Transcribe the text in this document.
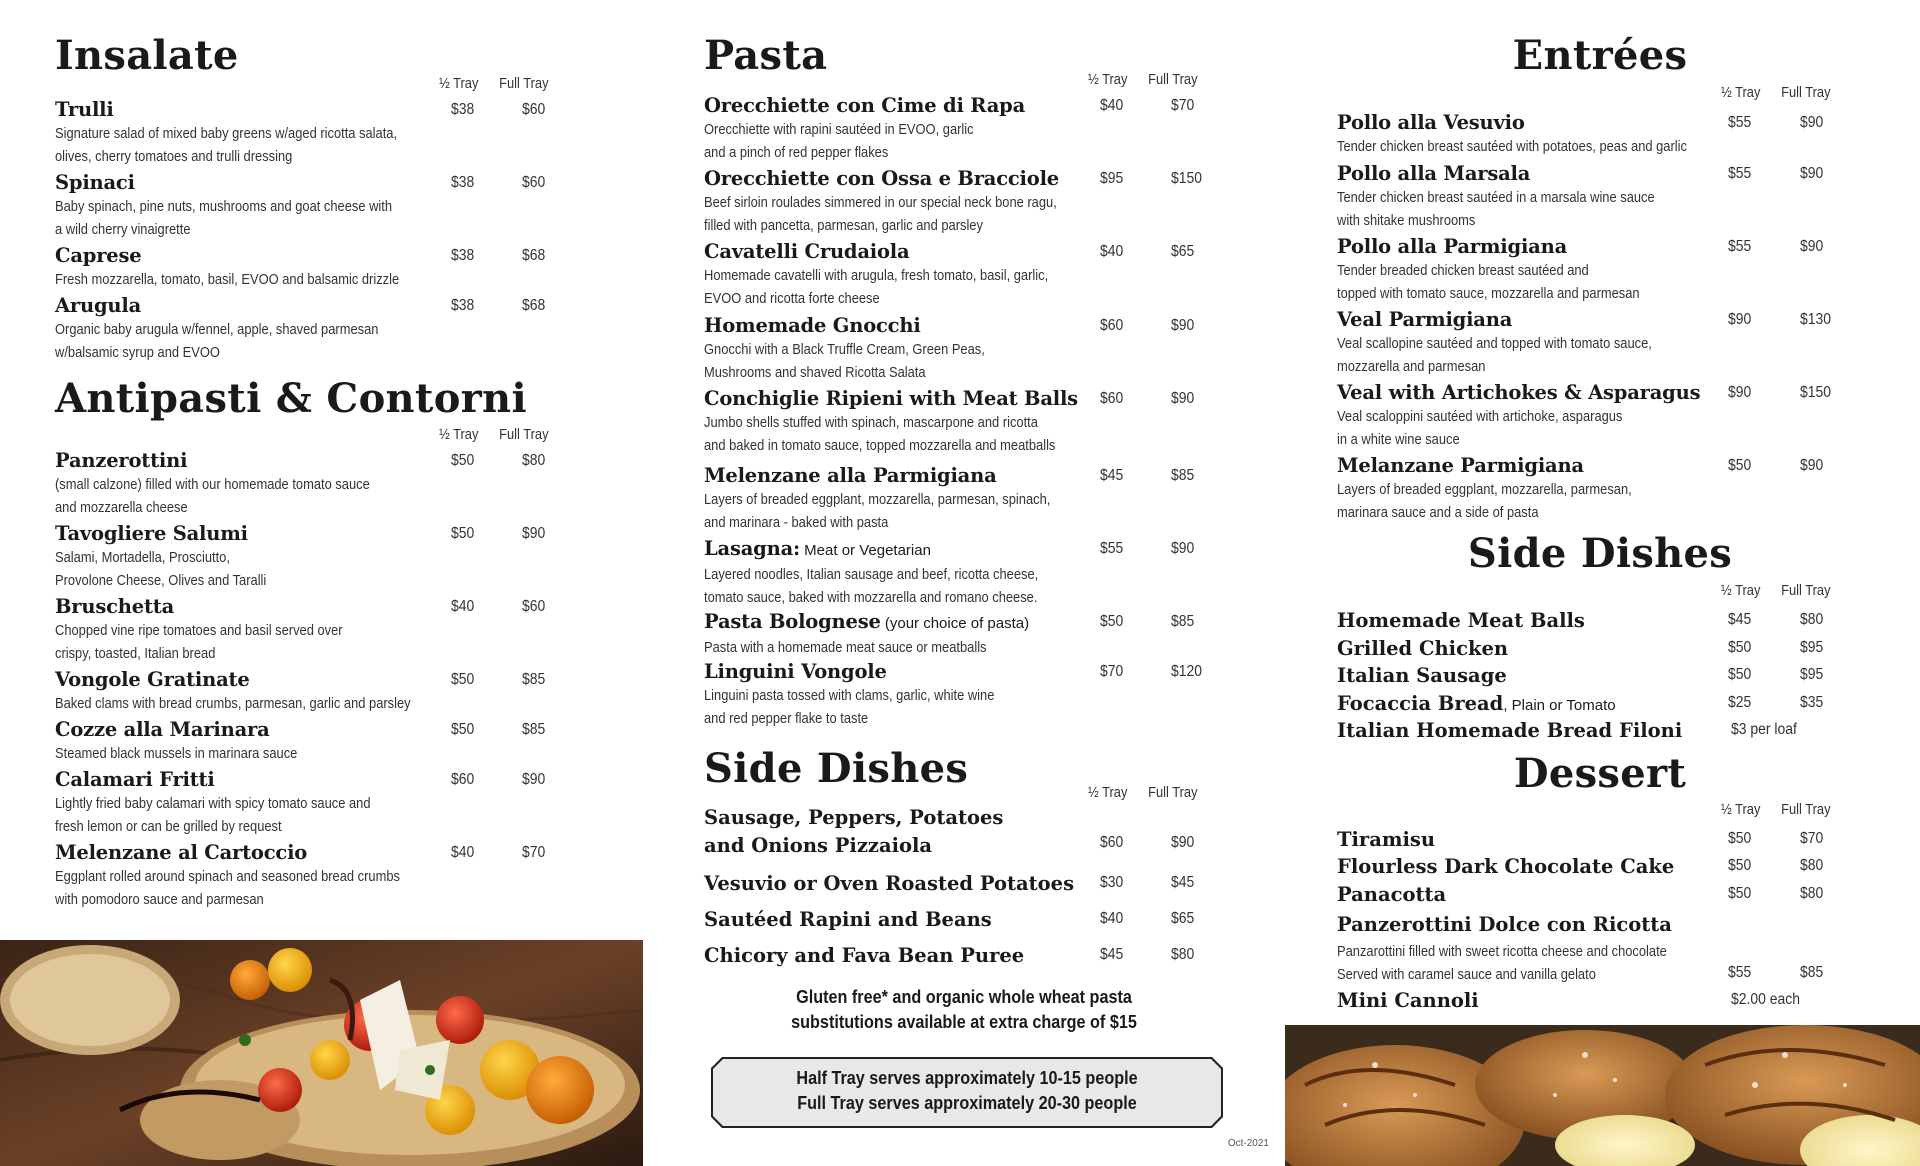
Insalate
½ Tray Full Tray
Trulli
Signature salad of mixed baby greens w/aged ricotta salata,
olives, cherry tomatoes and trulli dressing
$38	$60
Spinaci
Baby spinach, pine nuts, mushrooms and goat cheese with
a wild cherry vinaigrette
$38	$60
Caprese
Fresh mozzarella, tomato, basil, EVOO and balsamic drizzle
$38	$68
Arugula
Organic baby arugula w/fennel, apple, shaved parmesan
w/balsamic syrup and EVOO
$38	$68
Antipasti & Contorni
½ Tray Full Tray
Panzerottini
(small calzone) filled with our homemade tomato sauce
and mozzarella cheese
$50	$80
Tavogliere Salumi
Salami, Mortadella, Prosciutto,
Provolone Cheese, Olives and Taralli
$50	$90
Bruschetta
Chopped vine ripe tomatoes and basil served over
crispy, toasted, Italian bread
$40	$60
Vongole Gratinate
Baked clams with bread crumbs, parmesan, garlic and parsley
$50	$85
Cozze alla Marinara
Steamed black mussels in marinara sauce
$50	$85
Calamari Fritti
Lightly fried baby calamari with spicy tomato sauce and
fresh lemon or can be grilled by request
$60	$90
Melenzane al Cartoccio
Eggplant rolled around spinach and seasoned bread crumbs
with pomodoro sauce and parmesan
$40	$70
Pasta
½ Tray Full Tray
Orecchiette con Cime di Rapa
Orecchiette with rapini sautéed in EVOO, garlic
and a pinch of red pepper flakes
$40	$70
Orecchiette con Ossa e Bracciole
Beef sirloin roulades simmered in our special neck bone ragu,
filled with pancetta, parmesan, garlic and parsley
$95	$150
Cavatelli Crudaiola
Homemade cavatelli with arugula, fresh tomato, basil, garlic,
EVOO and ricotta forte cheese
$40	$65
Homemade Gnocchi
Gnocchi with a Black Truffle Cream, Green Peas,
Mushrooms and shaved Ricotta Salata
$60	$90
Conchiglie Ripieni with Meat Balls
Jumbo shells stuffed with spinach, mascarpone and ricotta
and baked in tomato sauce, topped mozzarella and meatballs
$60	$90
Melenzane alla Parmigiana
Layers of breaded eggplant, mozzarella, parmesan, spinach,
and marinara - baked with pasta
$45	$85
Lasagna: Meat or Vegetarian
Layered noodles, Italian sausage and beef, ricotta cheese,
tomato sauce, baked with mozzarella and romano cheese.
$55	$90
Pasta Bolognese (your choice of pasta)
Pasta with a homemade meat sauce or meatballs
$50	$85
Linguini Vongole
Linguini pasta tossed with clams, garlic, white wine
and red pepper flake to taste
$70	$120
Side Dishes
½ Tray Full Tray
Sausage, Peppers, Potatoes
and Onions Pizzaiola	$60	$90
Vesuvio or Oven Roasted Potatoes $30	$45
Sautéed Rapini and Beans	$40	$65
Chicory and Fava Bean Puree	$45	$80
Gluten free* and organic whole wheat pasta
substitutions available at extra charge of $15
Half Tray serves approximately 10-15 people
Full Tray serves approximately 20-30 people
Oct-2021
Entrées
½ Tray Full Tray
Pollo alla Vesuvio
Tender chicken breast sautéed with potatoes, peas and garlic
$55	$90
Pollo alla Marsala
Tender chicken breast sautéed in a marsala wine sauce
with shitake mushrooms
$55	$90
Pollo alla Parmigiana
Tender breaded chicken breast sautéed and
topped with tomato sauce, mozzarella and parmesan
$55	$90
Veal Parmigiana
Veal scallopine sautéed and topped with tomato sauce,
mozzarella and parmesan
$90	$130
Veal with Artichokes & Asparagus
Veal scaloppini sautéed with artichoke, asparagus
in a white wine sauce
$90	$150
Melanzane Parmigiana
Layers of breaded eggplant, mozzarella, parmesan,
marinara sauce and a side of pasta
$50	$90
Side Dishes
½ Tray Full Tray
Homemade Meat Balls	$45	$80
Grilled Chicken	$50	$95
Italian Sausage	$50	$95
Focaccia Bread, Plain or Tomato	$25	$35
Italian Homemade Bread Filoni	$3 per loaf
Dessert
½ Tray Full Tray
Tiramisu	$50	$70
Flourless Dark Chocolate Cake	$50	$80
Panacotta	$50	$80
Panzerottini Dolce con Ricotta
Panzarottini filled with sweet ricotta cheese and chocolate
Served with caramel sauce and vanilla gelato	$55	$85
Mini Cannoli	$2.00 each
